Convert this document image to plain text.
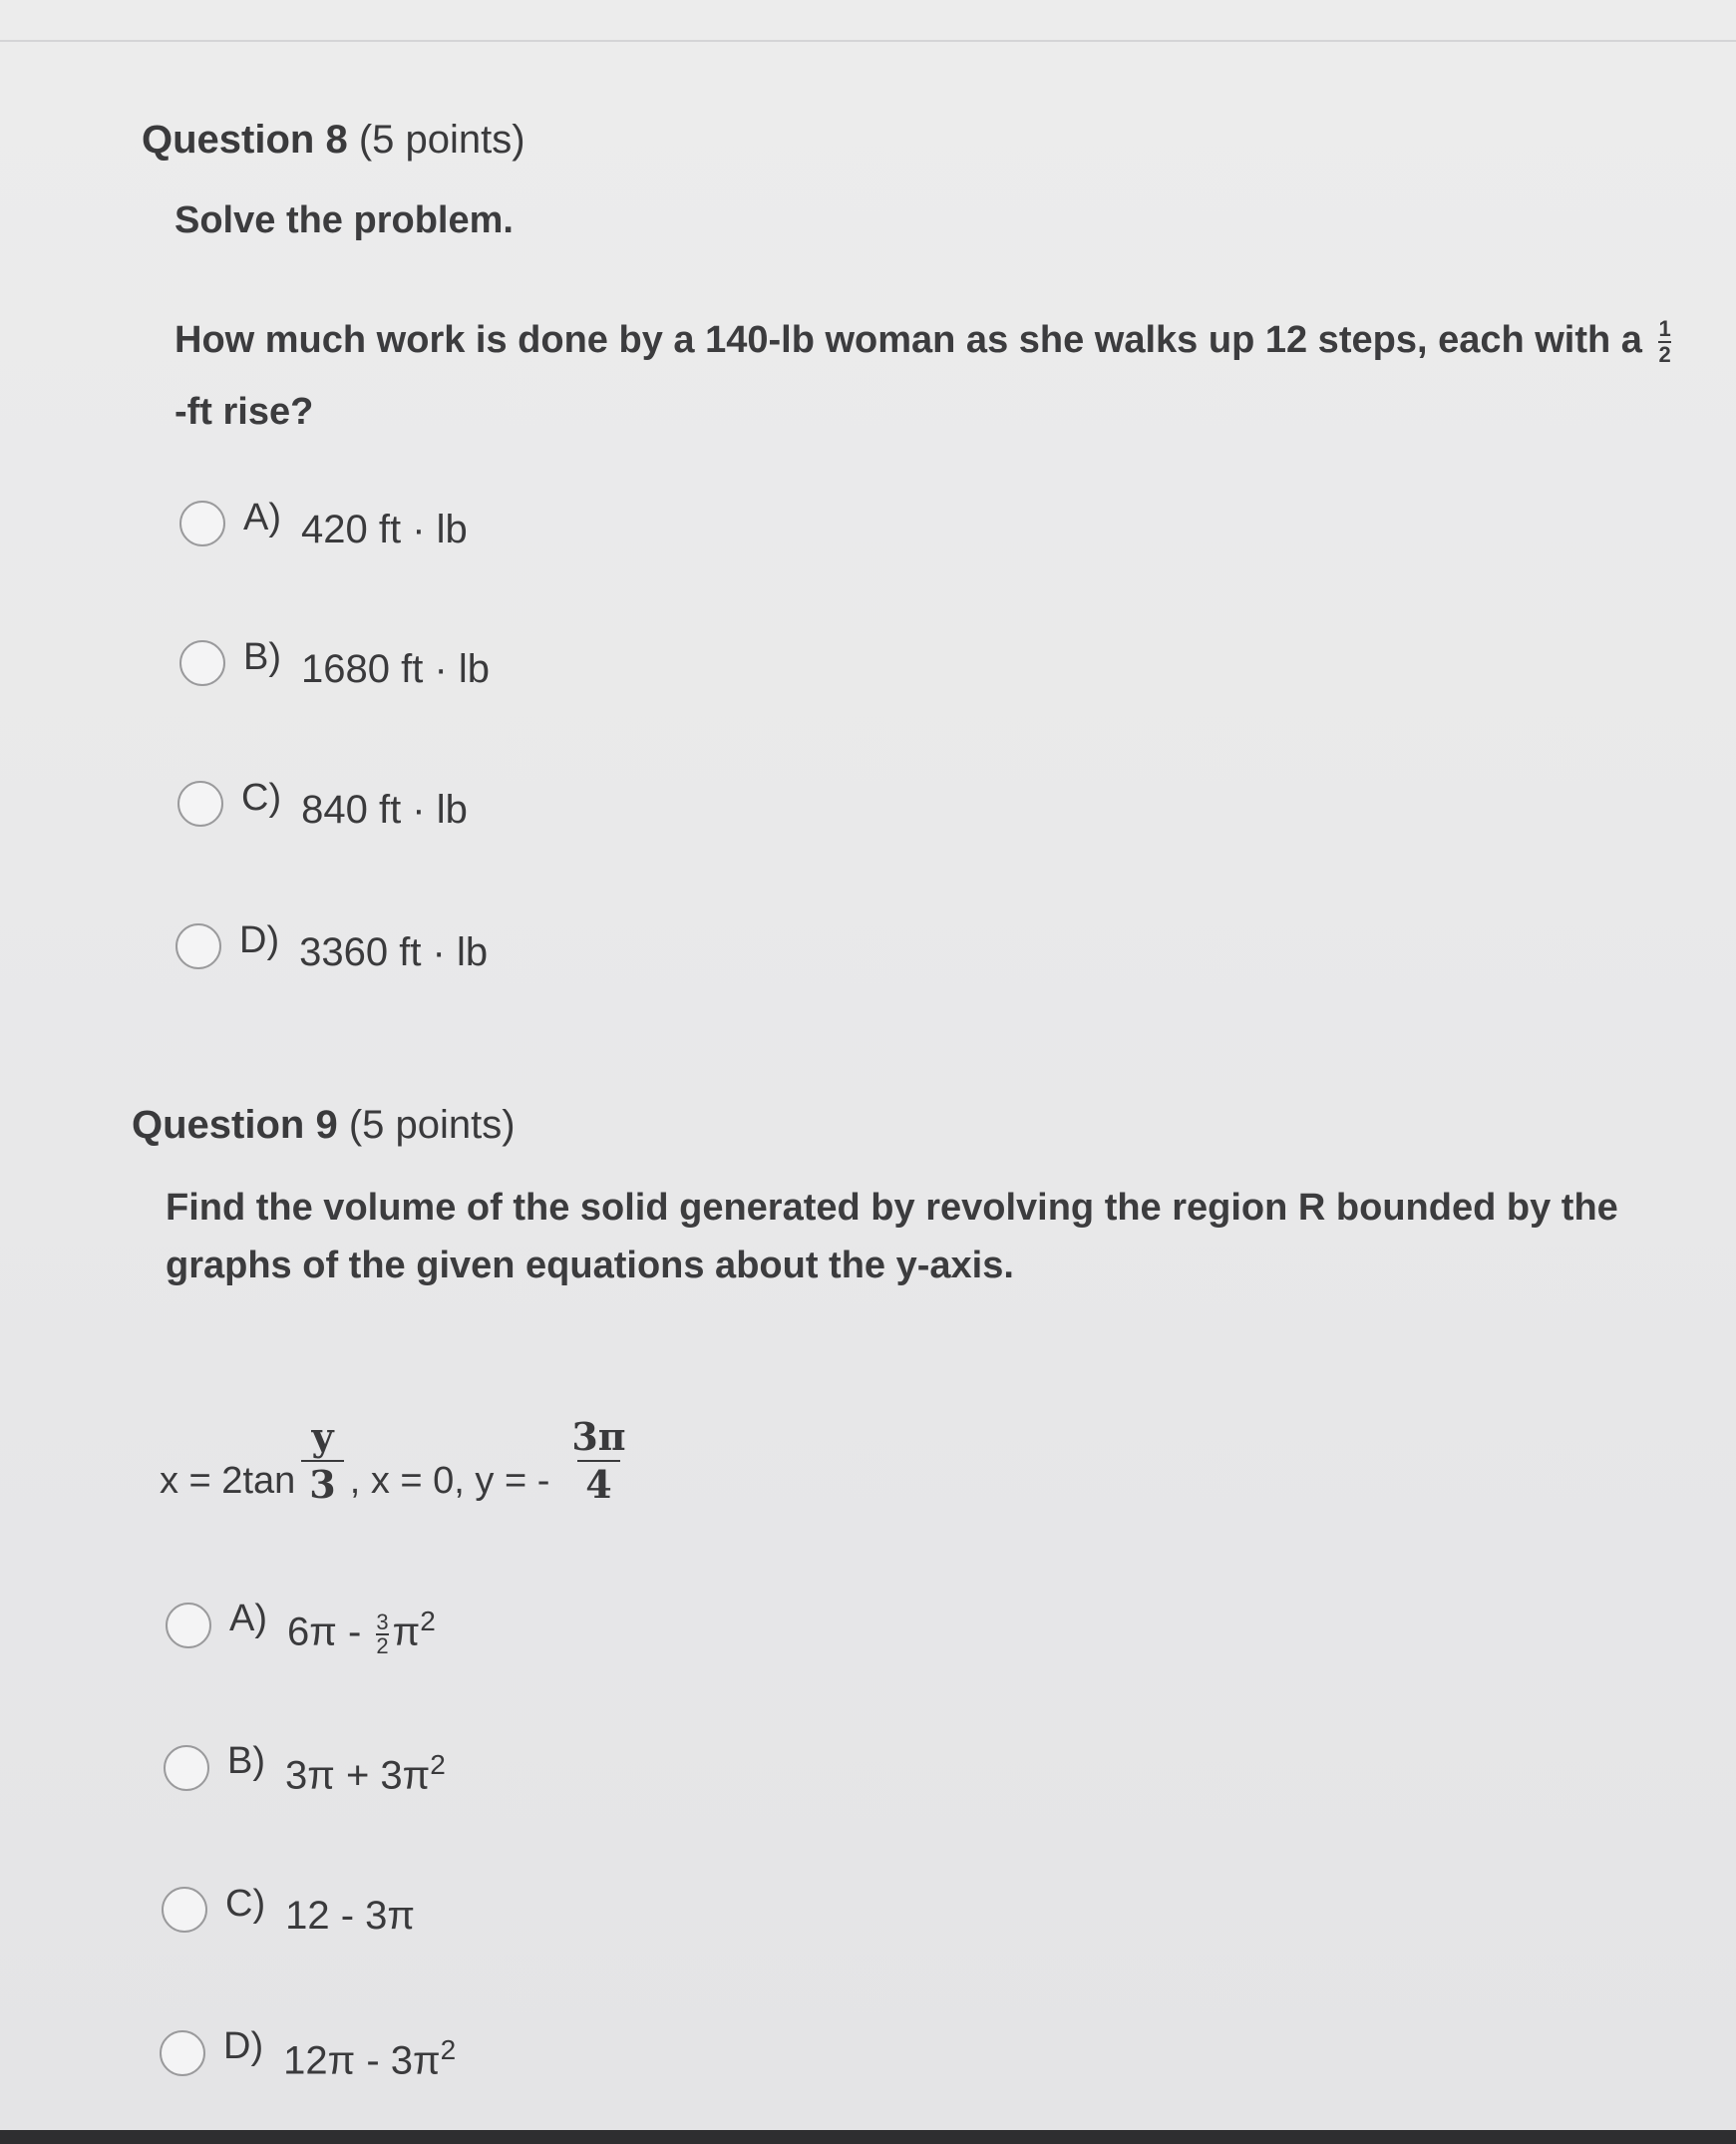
Question 8 (5 points)
Solve the problem.
How much work is done by a 140-lb woman as she walks up 12 steps, each with a $\frac{1}{2}$
-ft rise?
A) 420 ft · lb
B) 1680 ft · lb
C) 840 ft · lb
D) 3360 ft · lb
Question 9 (5 points)
Find the volume of the solid generated by revolving the region R bounded by the
graphs of the given equations about the y-axis.
$x = 2\tan \frac{y}{3}$ , x = 0, y = - $\frac{3\pi}{4}$
A) $6\pi - \frac{3}{2} \pi^2$
B) $3\pi + 3\pi^2$
C) 12 - 3π
D) $12\pi - 3\pi^2$
